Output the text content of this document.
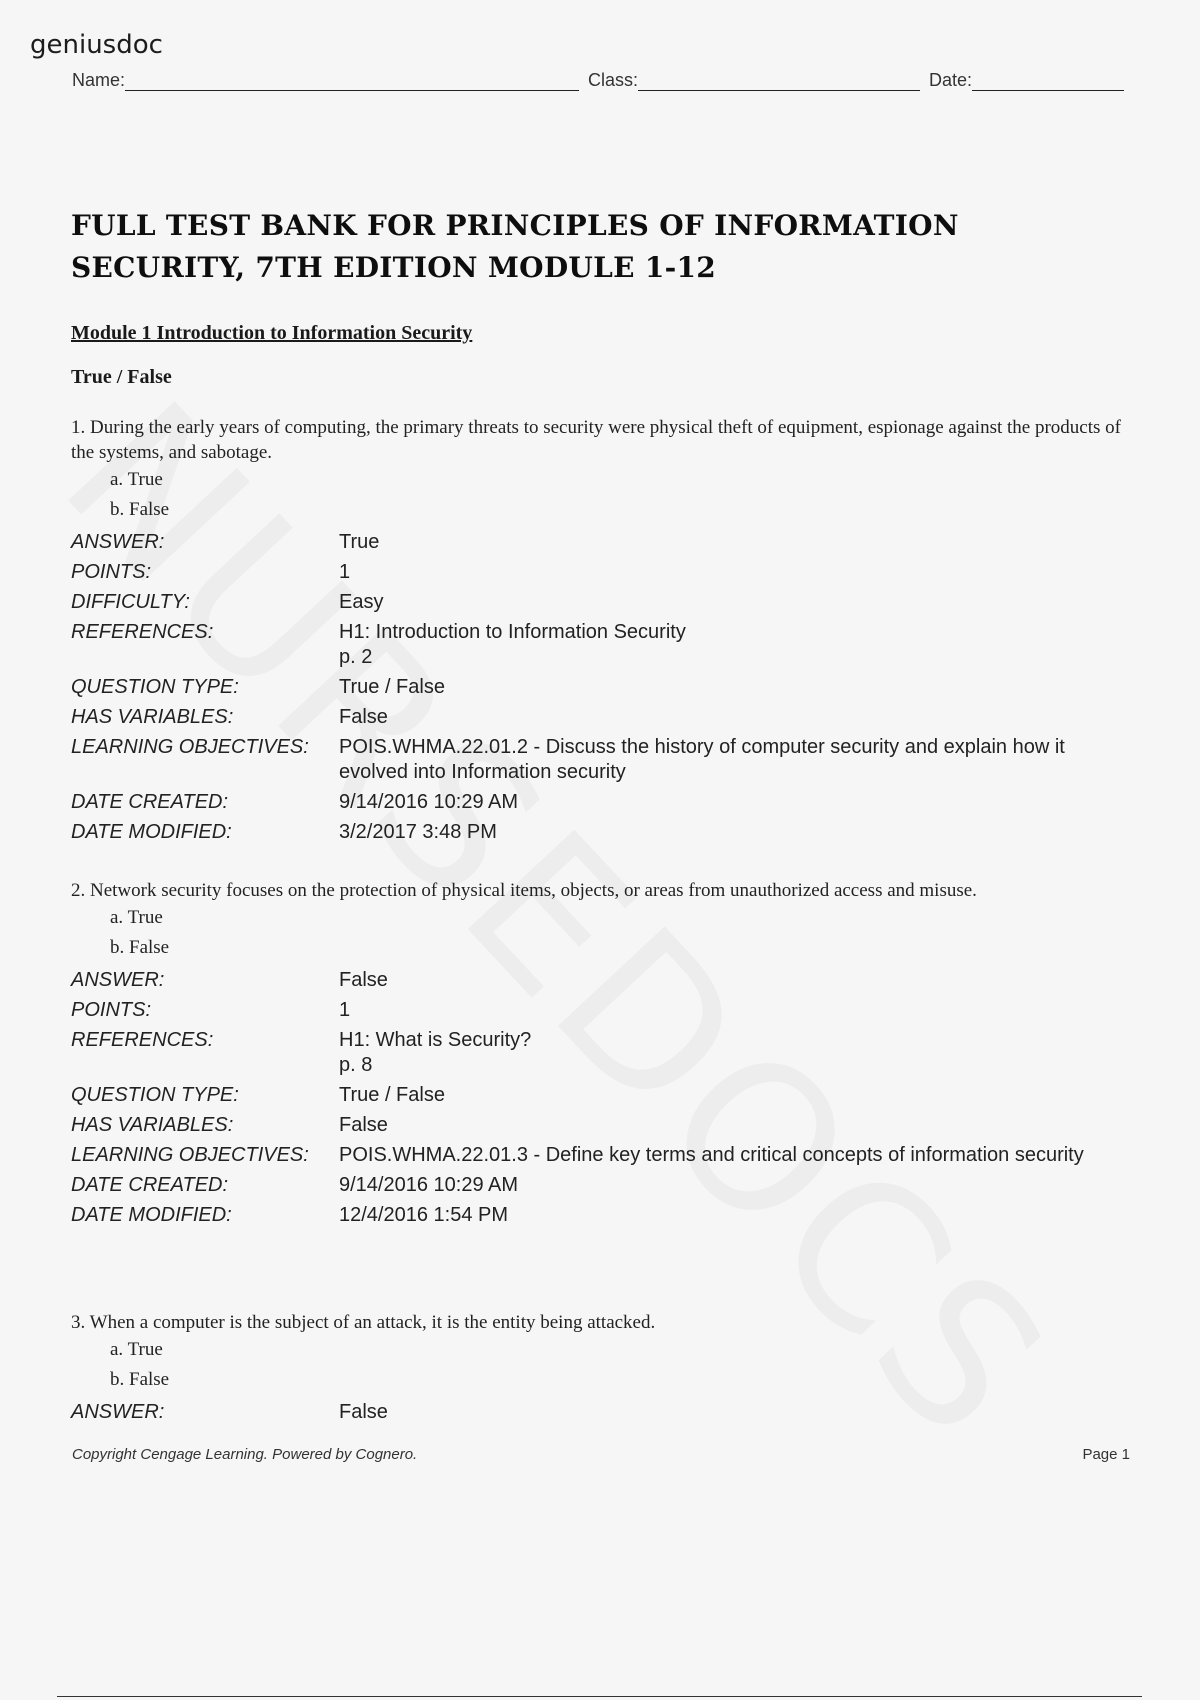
geniusdoc
Name:	Class:	Date:
FULL TEST BANK FOR PRINCIPLES OF INFORMATION SECURITY, 7TH EDITION MODULE 1-12
Module 1 Introduction to Information Security
True / False
1. During the early years of computing, the primary threats to security were physical theft of equipment, espionage against the products of the systems, and sabotage.
a. True
b. False
ANSWER:	True
POINTS:	1
DIFFICULTY:	Easy
REFERENCES:	H1: Introduction to Information Security
p. 2
QUESTION TYPE:	True / False
HAS VARIABLES:	False
LEARNING OBJECTIVES:	POIS.WHMA.22.01.2 - Discuss the history of computer security and explain how it evolved into Information security
DATE CREATED:	9/14/2016 10:29 AM
DATE MODIFIED:	3/2/2017 3:48 PM
2. Network security focuses on the protection of physical items, objects, or areas from unauthorized access and misuse.
a. True
b. False
ANSWER:	False
POINTS:	1
REFERENCES:	H1: What is Security?
p. 8
QUESTION TYPE:	True / False
HAS VARIABLES:	False
LEARNING OBJECTIVES:	POIS.WHMA.22.01.3 - Define key terms and critical concepts of information security
DATE CREATED:	9/14/2016 10:29 AM
DATE MODIFIED:	12/4/2016 1:54 PM
3. When a computer is the subject of an attack, it is the entity being attacked.
a. True
b. False
ANSWER:	False
Copyright Cengage Learning. Powered by Cognero.	Page 1
